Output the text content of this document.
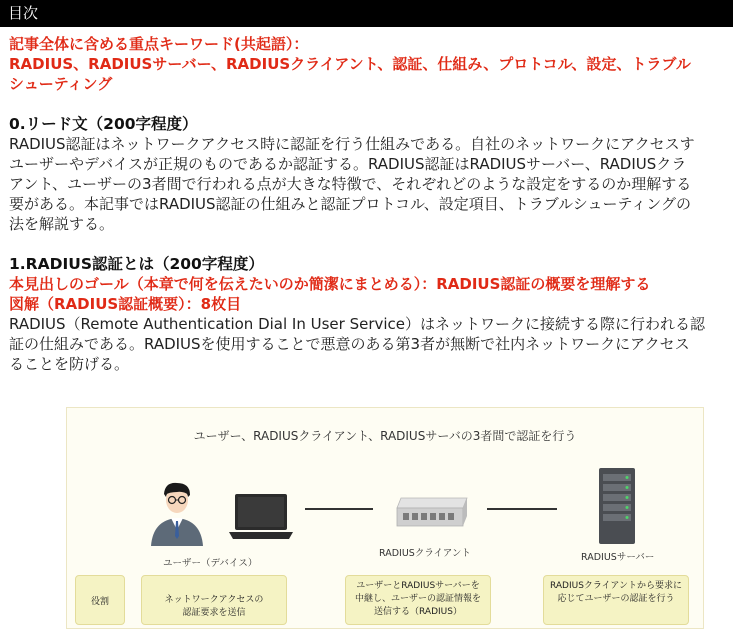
目次
記事全体に含める重点キーワード(共起語）：
RADIUS、RADIUSサーバー、RADIUSクライアント、認証、仕組み、プロトコル、設定、トラブル
シューティング
0.リード文（200字程度）
RADIUS認証はネットワークアクセス時に認証を行う仕組みである。自社のネットワークにアクセスす
ユーザーやデバイスが正規のものであるか認証する。RADIUS認証はRADIUSサーバー、RADIUSクラ
アント、ユーザーの3者間で行われる点が大きな特徴で、それぞれどのような設定をするのか理解する
要がある。本記事ではRADIUS認証の仕組みと認証プロトコル、設定項目、トラブルシューティングの
法を解説する。
1.RADIUS認証とは（200字程度）
本見出しのゴール（本章で何を伝えたいのか簡潔にまとめる）：RADIUS認証の概要を理解する
図解（RADIUS認証概要）：8枚目
RADIUS（Remote Authentication Dial In User Service）はネットワークに接続する際に行われる認
証の仕組みである。RADIUSを使用することで悪意のある第3者が無断で社内ネットワークにアクセス
ることを防げる。
ユーザー、RADIUSクライアント、RADIUSサーバの3者間で認証を行う
ユーザー（デバイス）
RADIUSクライアント	RADIUSサーバー
役割	ネットワークアクセスの
認証要求を送信
ユーザーとRADIUSサーバーを
中継し、ユーザーの認証情報を
送信する（RADIUS）
RADIUSクライアントから要求に
応じてユーザーの認証を行う
